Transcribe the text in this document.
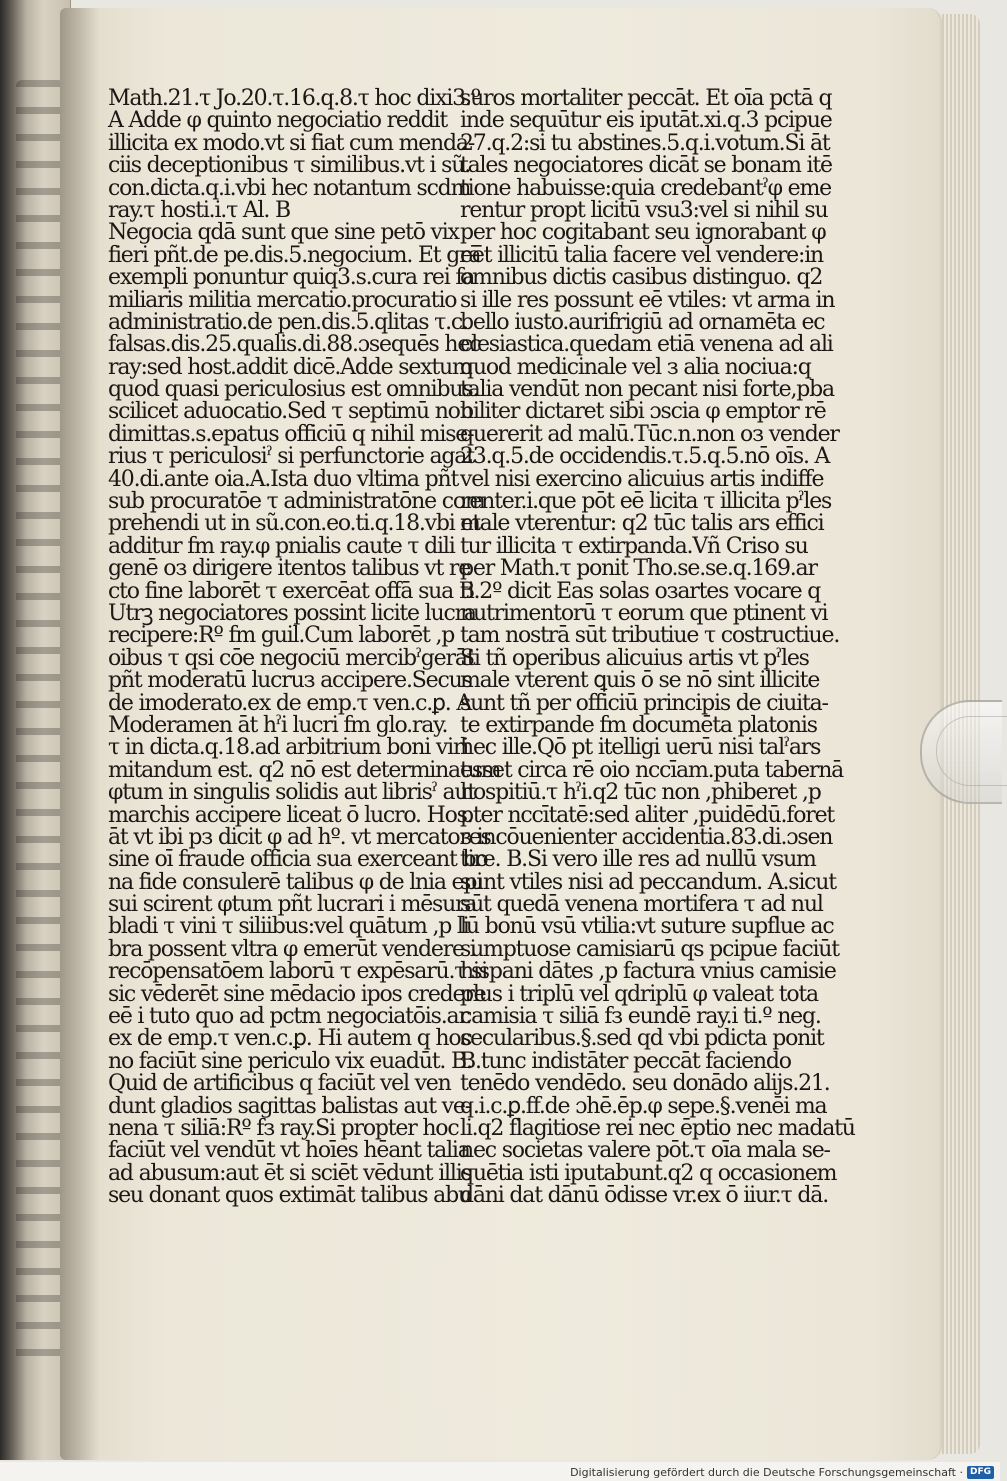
Math.21.τ Jo.20.τ.16.q.8.τ hoc dixi3.º
A Adde φ quinto negociatio reddit
illicita ex modo.vt si fiat cum menda-
ciis deceptionibus τ similibus.vt i sũ.
con.dicta.q.i.vbi hec notantum scdm
ray.τ hosti.i.τ Al. B
Negocia qdā sunt que sine petō vix
fieri pñt.de pe.dis.5.negocium. Et grā
exempli ponuntur quiq3.s.cura rei fa
miliaris militia mercatio.procuratio
administratio.de pen.dis.5.qlitas τ.c.
falsas.dis.25.qualis.di.88.ɔsequēs hec
ray:sed host.addit dicē.Adde sextum
quod quasi periculosius est omnibus.
scilicet aduocatio.Sed τ septimū non
dimittas.s.epatus officiū q nihil mise-
rius τ periculosiˀ si perfunctorie agat
40.di.ante oia.A.Ista duo vltima pñt
sub procuratōe τ administratōne com
prehendi ut in sũ.con.eo.ti.q.18.vbi et
additur fm ray.φ pnialis caute τ dili
genē oз dirigere itentos talibus vt re
cto fine laborēt τ exercēat offā sua B
Utrꝫ negociatores possint licite lucra
recipere:Rº fm guil.Cum laborēt ,p
oibus τ qsi cōe negociū mercibˀgerāt
pñt moderatū lucruз accipere.Secus
de imoderato.ex de emp.τ ven.c.ꝑ. A
Moderamen āt hˀi lucri fm glo.ray.
τ in dicta.q.18.ad arbitrium boni viri
mitandum est. q2 nō est determinatum
φtum in singulis solidis aut librisˀ aut
marchis accipere liceat ō lucro. Hos.
āt vt ibi pз dicit φ ad hº. vt mercatores
sine oī fraude officia sua exerceant bo
na fide consulerē talibus φ de lnia epi
sui scirent φtum pñt lucrari i mēsura
bladi τ vini τ siliibus:vel quātum ,p li
bra possent vltra φ emerūt vendere i
recōpensatōem laborū τ expēsarū.τ si
sic vēderēt sine mēdacio ipos credere
eē i tuto quo ad pctm negociatōis.ar.
ex de emp.τ ven.c.ꝑ. Hi autem q hoc
no faciūt sine periculo vix euadūt. B.
Quid de artificibus q faciūt vel ven
dunt gladios sagittas balistas aut ve-
nena τ siliā:Rº fз ray.Si propter hoc
faciūt vel vendūt vt hoīes hēant talia
ad abusum:aut ēt si sciēt vēdunt illis
seu donant quos extimāt talibus abu
suros mortaliter peccāt. Et oīa pctā q
inde sequūtur eis iputāt.xi.q.3 pcipue
27.q.2:si tu abstines.5.q.i.votum.Si āt
tales negociatores dicāt se bonam itē
tione habuisse:quia credebantˀφ eme
rentur propt licitū vsu3:vel si nihil su
per hoc cogitabant seu ignorabant φ
eēt illicitū talia facere vel vendere:in
omnibus dictis casibus distinguo. q2
si ille res possunt eē vtiles: vt arma in
bello iusto.aurifrigiū ad ornamēta ec
clesiastica.quedam etiā venena ad ali
quod medicinale vel з alia nociua:q
talia vendūt non pecant nisi forte,pba
biliter dictaret sibi ɔscia φ emptor rē
quererit ad malū.Tūc.n.non oз vender
23.q.5.de occidendis.τ.5.q.5.nō oīs. A
vel nisi exercino alicuius artis indiffe
renter.i.que pōt eē licita τ illicita pˀles
male vterentur: q2 tūc talis ars effici
tur illicita τ extirpanda.Vñ Criso su
per Math.τ ponit Tho.se.se.q.169.ar
ti.2º dicit Eas solas oзartes vocare q
nutrimentorū τ eorum que ptinent vi
tam nostrā sūt tributiue τ costructiue.
Si tñ operibus alicuius artis vt pˀles
male vterent ꝗuis ō se nō sint illicite
sunt tñ per officiū principis de ciuita-
te extirpande fm documēta platonis
hec ille.Qō pt itelligi uerū nisi talˀars
esset circa rē oio nccīam.puta tabernā
hospitiū.τ hˀi.q2 tūc non ,phiberet ,p
pter nccītatē:sed aliter ,puidēdū.foret
з incōuenienter accidentia.83.di.ɔsen
tire. B.Si vero ille res ad nullū vsum
sunt vtiles nisi ad peccandum. A.sicut
sūt quedā venena mortifera τ ad nul
lū bonū vsū vtilia:vt suture supflue ac
sumptuose camisiarū qs pcipue faciūt
hispani dātes ,p factura vnius camisie
plus i triplū vel qdriplū φ valeat tota
camisia τ siliā fз eundē ray.i ti.º neg.
secularibus.§.sed qd vbi pdicta ponit
B.tunc indistāter peccāt faciendo
tenēdo vendēdo. seu donādo alijs.21.
q.i.c.ꝑ.ff.de ɔhē.ēp.φ sepe.§.venēi ma
li.q2 flagitiose rei nec ēptio nec madatū
nec societas valere pōt.τ oīa mala se-
quētia isti iputabunt.q2 q occasionem
dāni dat dānū ōdisse vr.ex ō iiur.τ dā.
Digitalisierung gefördert durch die Deutsche Forschungsgemeinschaft · DFG
